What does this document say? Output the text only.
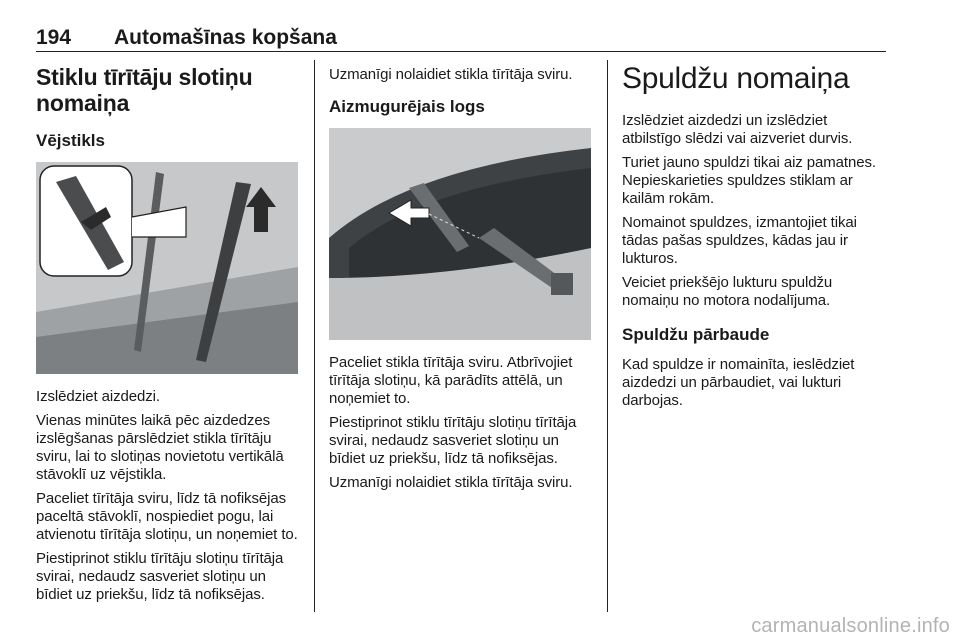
194 Automašīnas kopšana
Stiklu tīrītāju slotiņu nomaiņa
Vējstikls

Izslēdziet aizdedzi.

Vienas minūtes laikā pēc aizdedzes izslēgšanas pārslēdziet stikla tīrītāju sviru, lai to slotiņas novietotu vertikālā stāvoklī uz vējstikla.

Paceliet tīrītāja sviru, līdz tā nofiksējas paceltā stāvoklī, nospiediet pogu, lai atvienotu tīrītāja slotiņu, un noņemiet to.

Piestiprinot stiklu tīrītāju slotiņu tīrītāja svirai, nedaudz sasveriet slotiņu un bīdiet uz priekšu, līdz tā nofiksējas.

Uzmanīgi nolaidiet stikla tīrītāja sviru.

Aizmugurējais logs

Paceliet stikla tīrītāja sviru. Atbrīvojiet tīrītāja slotiņu, kā parādīts attēlā, un noņemiet to.

Piestiprinot stiklu tīrītāju slotiņu tīrītāja svirai, nedaudz sasveriet slotiņu un bīdiet uz priekšu, līdz tā nofiksējas.

Uzmanīgi nolaidiet stikla tīrītāja sviru.

Spuldžu nomaiņa

Izslēdziet aizdedzi un izslēdziet atbilstīgo slēdzi vai aizveriet durvis.

Turiet jauno spuldzi tikai aiz pamatnes. Nepieskarieties spuldzes stiklam ar kailām rokām.

Nomainot spuldzes, izmantojiet tikai tādas pašas spuldzes, kādas jau ir lukturos.

Veiciet priekšējo lukturu spuldžu nomaiņu no motora nodalījuma.

Spuldžu pārbaude

Kad spuldze ir nomainīta, ieslēdziet aizdedzi un pārbaudiet, vai lukturi darbojas.

carmanualsonline.info
